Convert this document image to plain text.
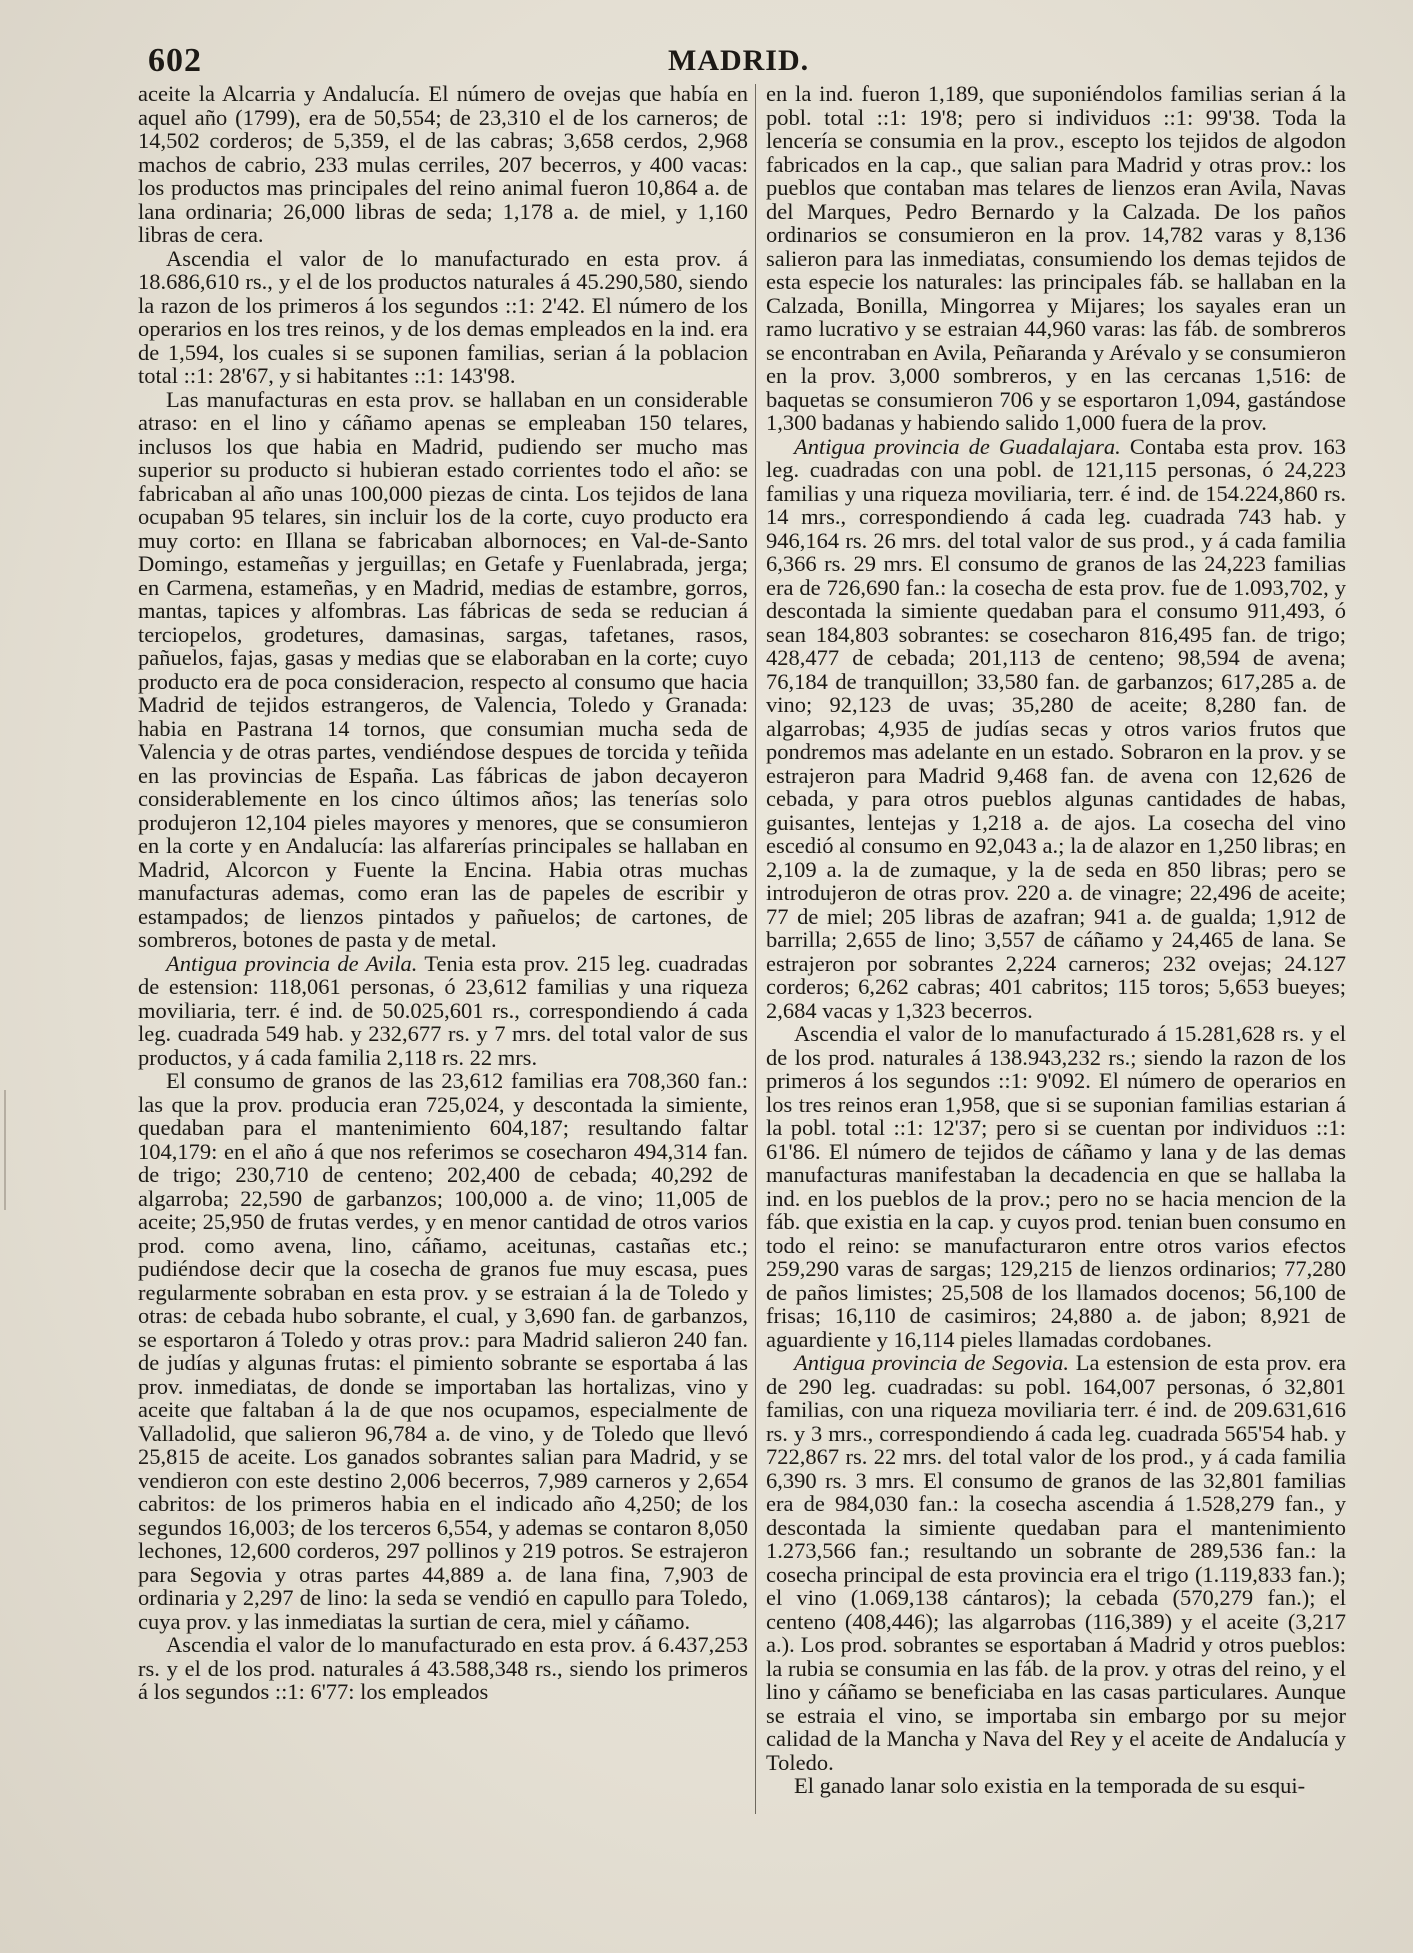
602	MADRID.

aceite la Alcarria y Andalucía. El número de ovejas que había en aquel año (1799), era de 50,554; de 23,310 el de los carneros; de 14,502 corderos; de 5,359, el de las cabras; 3,658 cerdos, 2,968 machos de cabrio, 233 mulas cerriles, 207 becerros, y 400 vacas: los productos mas principales del reino animal fueron 10,864 a. de lana ordinaria; 26,000 libras de seda; 1,178 a. de miel, y 1,160 libras de cera.

Ascendia el valor de lo manufacturado en esta prov. á 18.686,610 rs., y el de los productos naturales á 45.290,580, siendo la razon de los primeros á los segundos ::1: 2'42. El número de los operarios en los tres reinos, y de los demas empleados en la ind. era de 1,594, los cuales si se suponen familias, serian á la poblacion total ::1: 28'67, y si habitantes ::1: 143'98.

Las manufacturas en esta prov. se hallaban en un considerable atraso: en el lino y cáñamo apenas se empleaban 150 telares, inclusos los que habia en Madrid, pudiendo ser mucho mas superior su producto si hubieran estado corrientes todo el año: se fabricaban al año unas 100,000 piezas de cinta. Los tejidos de lana ocupaban 95 telares, sin incluir los de la corte, cuyo producto era muy corto: en Illana se fabricaban albornoces; en Val-de-Santo Domingo, estameñas y jerguillas; en Getafe y Fuenlabrada, jerga; en Carmena, estameñas, y en Madrid, medias de estambre, gorros, mantas, tapices y alfombras. Las fábricas de seda se reducian á terciopelos, grodetures, damasinas, sargas, tafetanes, rasos, pañuelos, fajas, gasas y medias que se elaboraban en la corte; cuyo producto era de poca consideracion, respecto al consumo que hacia Madrid de tejidos estrangeros, de Valencia, Toledo y Granada: habia en Pastrana 14 tornos, que consumian mucha seda de Valencia y de otras partes, vendiéndose despues de torcida y teñida en las provincias de España. Las fábricas de jabon decayeron considerablemente en los cinco últimos años; las tenerías solo produjeron 12,104 pieles mayores y menores, que se consumieron en la corte y en Andalucía: las alfarerías principales se hallaban en Madrid, Alcorcon y Fuente la Encina. Habia otras muchas manufacturas ademas, como eran las de papeles de escribir y estampados; de lienzos pintados y pañuelos; de cartones, de sombreros, botones de pasta y de metal.

Antigua provincia de Avila. Tenia esta prov. 215 leg. cuadradas de estension: 118,061 personas, ó 23,612 familias y una riqueza moviliaria, terr. é ind. de 50.025,601 rs., correspondiendo á cada leg. cuadrada 549 hab. y 232,677 rs. y 7 mrs. del total valor de sus productos, y á cada familia 2,118 rs. 22 mrs.

El consumo de granos de las 23,612 familias era 708,360 fan.: las que la prov. producia eran 725,024, y descontada la simiente, quedaban para el mantenimiento 604,187; resultando faltar 104,179: en el año á que nos referimos se cosecharon 494,314 fan. de trigo; 230,710 de centeno; 202,400 de cebada; 40,292 de algarroba; 22,590 de garbanzos; 100,000 a. de vino; 11,005 de aceite; 25,950 de frutas verdes, y en menor cantidad de otros varios prod. como avena, lino, cáñamo, aceitunas, castañas etc.; pudiéndose decir que la cosecha de granos fue muy escasa, pues regularmente sobraban en esta prov. y se estraian á la de Toledo y otras: de cebada hubo sobrante, el cual, y 3,690 fan. de garbanzos, se esportaron á Toledo y otras prov.: para Madrid salieron 240 fan. de judías y algunas frutas: el pimiento sobrante se esportaba á las prov. inmediatas, de donde se importaban las hortalizas, vino y aceite que faltaban á la de que nos ocupamos, especialmente de Valladolid, que salieron 96,784 a. de vino, y de Toledo que llevó 25,815 de aceite. Los ganados sobrantes salian para Madrid, y se vendieron con este destino 2,006 becerros, 7,989 carneros y 2,654 cabritos: de los primeros habia en el indicado año 4,250; de los segundos 16,003; de los terceros 6,554, y ademas se contaron 8,050 lechones, 12,600 corderos, 297 pollinos y 219 potros. Se estrajeron para Segovia y otras partes 44,889 a. de lana fina, 7,903 de ordinaria y 2,297 de lino: la seda se vendió en capullo para Toledo, cuya prov. y las inmediatas la surtian de cera, miel y cáñamo.

Ascendia el valor de lo manufacturado en esta prov. á 6.437,253 rs. y el de los prod. naturales á 43.588,348 rs., siendo los primeros á los segundos ::1: 6'77: los empleados

en la ind. fueron 1,189, que suponiéndolos familias serian á la pobl. total ::1: 19'8; pero si individuos ::1: 99'38. Toda la lencería se consumia en la prov., escepto los tejidos de algodon fabricados en la cap., que salian para Madrid y otras prov.: los pueblos que contaban mas telares de lienzos eran Avila, Navas del Marques, Pedro Bernardo y la Calzada. De los paños ordinarios se consumieron en la prov. 14,782 varas y 8,136 salieron para las inmediatas, consumiendo los demas tejidos de esta especie los naturales: las principales fáb. se hallaban en la Calzada, Bonilla, Mingorrea y Mijares; los sayales eran un ramo lucrativo y se estraian 44,960 varas: las fáb. de sombreros se encontraban en Avila, Peñaranda y Arévalo y se consumieron en la prov. 3,000 sombreros, y en las cercanas 1,516: de baquetas se consumieron 706 y se esportaron 1,094, gastándose 1,300 badanas y habiendo salido 1,000 fuera de la prov.

Antigua provincia de Guadalajara. Contaba esta prov. 163 leg. cuadradas con una pobl. de 121,115 personas, ó 24,223 familias y una riqueza moviliaria, terr. é ind. de 154.224,860 rs. 14 mrs., correspondiendo á cada leg. cuadrada 743 hab. y 946,164 rs. 26 mrs. del total valor de sus prod., y á cada familia 6,366 rs. 29 mrs. El consumo de granos de las 24,223 familias era de 726,690 fan.: la cosecha de esta prov. fue de 1.093,702, y descontada la simiente quedaban para el consumo 911,493, ó sean 184,803 sobrantes: se cosecharon 816,495 fan. de trigo; 428,477 de cebada; 201,113 de centeno; 98,594 de avena; 76,184 de tranquillon; 33,580 fan. de garbanzos; 617,285 a. de vino; 92,123 de uvas; 35,280 de aceite; 8,280 fan. de algarrobas; 4,935 de judías secas y otros varios frutos que pondremos mas adelante en un estado. Sobraron en la prov. y se estrajeron para Madrid 9,468 fan. de avena con 12,626 de cebada, y para otros pueblos algunas cantidades de habas, guisantes, lentejas y 1,218 a. de ajos. La cosecha del vino escedió al consumo en 92,043 a.; la de alazor en 1,250 libras; en 2,109 a. la de zumaque, y la de seda en 850 libras; pero se introdujeron de otras prov. 220 a. de vinagre; 22,496 de aceite; 77 de miel; 205 libras de azafran; 941 a. de gualda; 1,912 de barrilla; 2,655 de lino; 3,557 de cáñamo y 24,465 de lana. Se estrajeron por sobrantes 2,224 carneros; 232 ovejas; 24.127 corderos; 6,262 cabras; 401 cabritos; 115 toros; 5,653 bueyes; 2,684 vacas y 1,323 becerros.

Ascendia el valor de lo manufacturado á 15.281,628 rs. y el de los prod. naturales á 138.943,232 rs.; siendo la razon de los primeros á los segundos ::1: 9'092. El número de operarios en los tres reinos eran 1,958, que si se suponian familias estarian á la pobl. total ::1: 12'37; pero si se cuentan por individuos ::1: 61'86. El número de tejidos de cáñamo y lana y de las demas manufacturas manifestaban la decadencia en que se hallaba la ind. en los pueblos de la prov.; pero no se hacia mencion de la fáb. que existia en la cap. y cuyos prod. tenian buen consumo en todo el reino: se manufacturaron entre otros varios efectos 259,290 varas de sargas; 129,215 de lienzos ordinarios; 77,280 de paños limistes; 25,508 de los llamados docenos; 56,100 de frisas; 16,110 de casimiros; 24,880 a. de jabon; 8,921 de aguardiente y 16,114 pieles llamadas cordobanes.

Antigua provincia de Segovia. La estension de esta prov. era de 290 leg. cuadradas: su pobl. 164,007 personas, ó 32,801 familias, con una riqueza moviliaria terr. é ind. de 209.631,616 rs. y 3 mrs., correspondiendo á cada leg. cuadrada 565'54 hab. y 722,867 rs. 22 mrs. del total valor de los prod., y á cada familia 6,390 rs. 3 mrs. El consumo de granos de las 32,801 familias era de 984,030 fan.: la cosecha ascendia á 1.528,279 fan., y descontada la simiente quedaban para el mantenimiento 1.273,566 fan.; resultando un sobrante de 289,536 fan.: la cosecha principal de esta provincia era el trigo (1.119,833 fan.); el vino (1.069,138 cántaros); la cebada (570,279 fan.); el centeno (408,446); las algarrobas (116,389) y el aceite (3,217 a.). Los prod. sobrantes se esportaban á Madrid y otros pueblos: la rubia se consumia en las fáb. de la prov. y otras del reino, y el lino y cáñamo se beneficiaba en las casas particulares. Aunque se estraia el vino, se importaba sin embargo por su mejor calidad de la Mancha y Nava del Rey y el aceite de Andalucía y Toledo.

El ganado lanar solo existia en la temporada de su esqui-
